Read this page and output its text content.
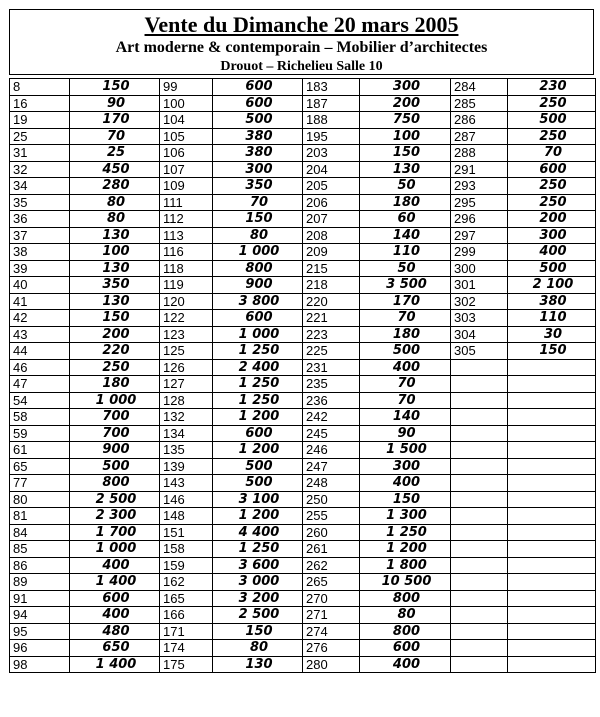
Vente du Dimanche 20 mars 2005
Art moderne & contemporain – Mobilier d’architectes
Drouot – Richelieu Salle 10
8	150	99	600	183	300	284	230
16	90	100	600	187	200	285	250
19	170	104	500	188	750	286	500
25	70	105	380	195	100	287	250
31	25	106	380	203	150	288	70
32	450	107	300	204	130	291	600
34	280	109	350	205	50	293	250
35	80	111	70	206	180	295	250
36	80	112	150	207	60	296	200
37	130	113	80	208	140	297	300
38	100	116	1 000	209	110	299	400
39	130	118	800	215	50	300	500
40	350	119	900	218	3 500	301	2 100
41	130	120	3 800	220	170	302	380
42	150	122	600	221	70	303	110
43	200	123	1 000	223	180	304	30
44	220	125	1 250	225	500	305	150
46	250	126	2 400	231	400		
47	180	127	1 250	235	70		
54	1 000	128	1 250	236	70		
58	700	132	1 200	242	140		
59	700	134	600	245	90		
61	900	135	1 200	246	1 500		
65	500	139	500	247	300		
77	800	143	500	248	400		
80	2 500	146	3 100	250	150		
81	2 300	148	1 200	255	1 300		
84	1 700	151	4 400	260	1 250		
85	1 000	158	1 250	261	1 200		
86	400	159	3 600	262	1 800		
89	1 400	162	3 000	265	10 500		
91	600	165	3 200	270	800		
94	400	166	2 500	271	80		
95	480	171	150	274	800		
96	650	174	80	276	600		
98	1 400	175	130	280	400		
